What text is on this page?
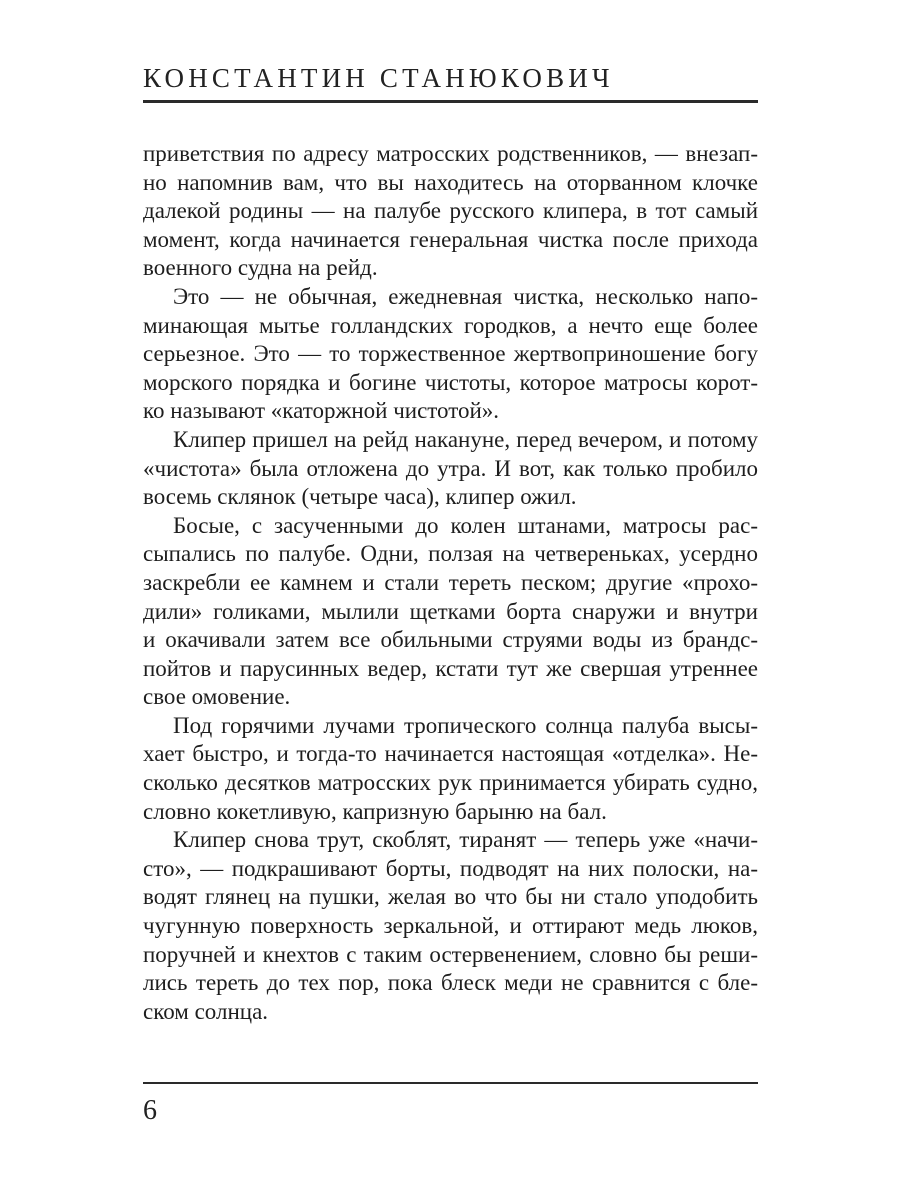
КОНСТАНТИН СТАНЮКОВИЧ
приветствия по адресу матросских родственников, — внезап-
но напомнив вам, что вы находитесь на оторванном клочке
далекой родины — на палубе русского клипера, в тот самый
момент, когда начинается генеральная чистка после прихода
военного судна на рейд.
Это — не обычная, ежедневная чистка, несколько напо-
минающая мытье голландских городков, а нечто еще более
серьезное. Это — то торжественное жертвоприношение богу
морского порядка и богине чистоты, которое матросы корот-
ко называют «каторжной чистотой».
Клипер пришел на рейд накануне, перед вечером, и потому
«чистота» была отложена до утра. И вот, как только пробило
восемь склянок (четыре часа), клипер ожил.
Босые, с засученными до колен штанами, матросы рас-
сыпались по палубе. Одни, ползая на четвереньках, усердно
заскребли ее камнем и стали тереть песком; другие «прохо-
дили» голиками, мылили щетками борта снаружи и внутри
и окачивали затем все обильными струями воды из брандс-
пойтов и парусинных ведер, кстати тут же свершая утреннее
свое омовение.
Под горячими лучами тропического солнца палуба высы-
хает быстро, и тогда-то начинается настоящая «отделка». Не-
сколько десятков матросских рук принимается убирать судно,
словно кокетливую, капризную барыню на бал.
Клипер снова трут, скоблят, тиранят — теперь уже «начи-
сто», — подкрашивают борты, подводят на них полоски, на-
водят глянец на пушки, желая во что бы ни стало уподобить
чугунную поверхность зеркальной, и оттирают медь люков,
поручней и кнехтов с таким остервенением, словно бы реши-
лись тереть до тех пор, пока блеск меди не сравнится с бле-
ском солнца.
6
